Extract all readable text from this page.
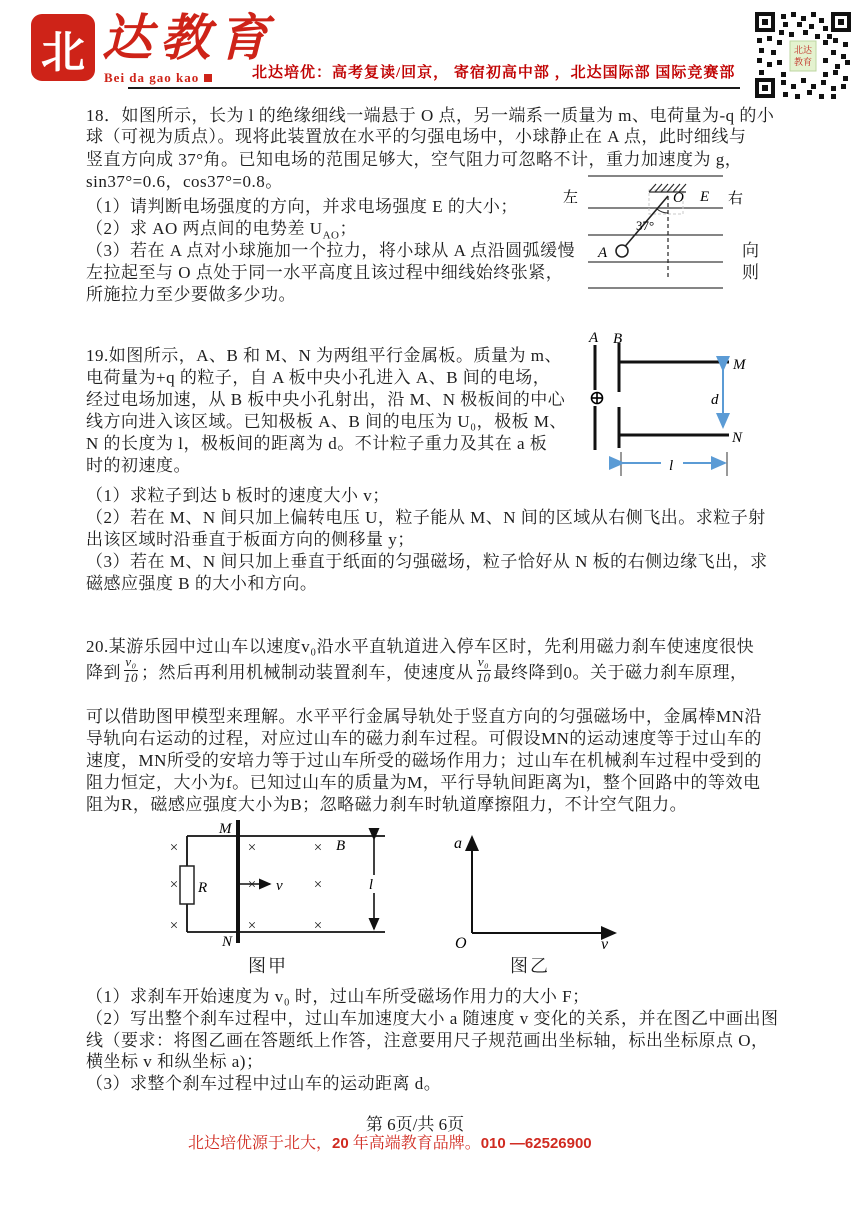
北 达教育
Bei da gao kao	北达培优：高考复读/回京， 寄宿初高中部 ，北达国际部 国际竞赛部
北达
教育
18．如图所示，长为 l 的绝缘细线一端悬于 O 点，另一端系一质量为 m、电荷量为-q 的小
球（可视为质点）。现将此装置放在水平的匀强电场中，小球静止在 A 点，此时细线与
竖直方向成 37°角。已知电场的范围足够大，空气阻力可忽略不计，重力加速度为 g，
sin37°=0.6，cos37°=0.8。
（1）请判断电场强度的方向，并求电场强度 E 的大小；
（2）求 AO 两点间的电势差 $U_{AO}$；
（3）若在 A 点对小球施加一个拉力，将小球从 A 点沿圆弧缓慢
左拉起至与 O 点处于同一水平高度且该过程中细线始终张紧，
所施拉力至少要做多少功。
向
则
左	O E 右
37°
A
19.如图所示，A、B 和 M、N 为两组平行金属板。质量为 m、
电荷量为+q 的粒子，自 A 板中央小孔进入 A、B 间的电场，
经过电场加速，从 B 板中央小孔射出，沿 M、N 极板间的中心
线方向进入该区域。已知极板 A、B 间的电压为 U₀，极板 M、
N 的长度为 l，极板间的距离为 d。不计粒子重力及其在 a 板
时的初速度。
（1）求粒子到达 b 板时的速度大小 v；
（2）若在 M、N 间只加上偏转电压 U，粒子能从 M、N 间的区域从右侧飞出。求粒子射
出该区域时沿垂直于板面方向的侧移量 y；
（3）若在 M、N 间只加上垂直于纸面的匀强磁场，粒子恰好从 N 板的右侧边缘飞出，求
磁感应强度 B 的大小和方向。
A B
M
N
d
l
20.某游乐园中过山车以速度v₀沿水平直轨道进入停车区时，先利用磁力刹车使速度很快
降到 $\frac{\text{v₀}}{10}$ ；然后再利用机械制动装置刹车，使速度从 $\frac{\text{v₀}}{10}$ 最终降到0。关于磁力刹车原理，
可以借助图甲模型来理解。水平平行金属导轨处于竖直方向的匀强磁场中，金属棒MN沿
导轨向右运动的过程，对应过山车的磁力刹车过程。可假设MN的运动速度等于过山车的
速度，MN所受的安培力等于过山车所受的磁场作用力；过山车在机械刹车过程中受到的
阻力恒定，大小为f。已知过山车的质量为M，平行导轨间距离为l，整个回路中的等效电
阻为R，磁感应强度大小为B；忽略磁力刹车时轨道摩擦阻力，不计空气阻力。
R
M
N
v
×	×	×
×	×	×
×	×	×
B
l
图甲
a
v
O
图乙
（1）求刹车开始速度为 v₀ 时，过山车所受磁场作用力的大小 F；
（2）写出整个刹车过程中，过山车加速度大小 a 随速度 v 变化的关系，并在图乙中画出图
线（要求：将图乙画在答题纸上作答，注意要用尺子规范画出坐标轴，标出坐标原点 O，
横坐标 v 和纵坐标 a)；
（3）求整个刹车过程中过山车的运动距离 d。
第 6页/共 6页
北达培优源于北大，20 年高端教育品牌。010 —62526900
